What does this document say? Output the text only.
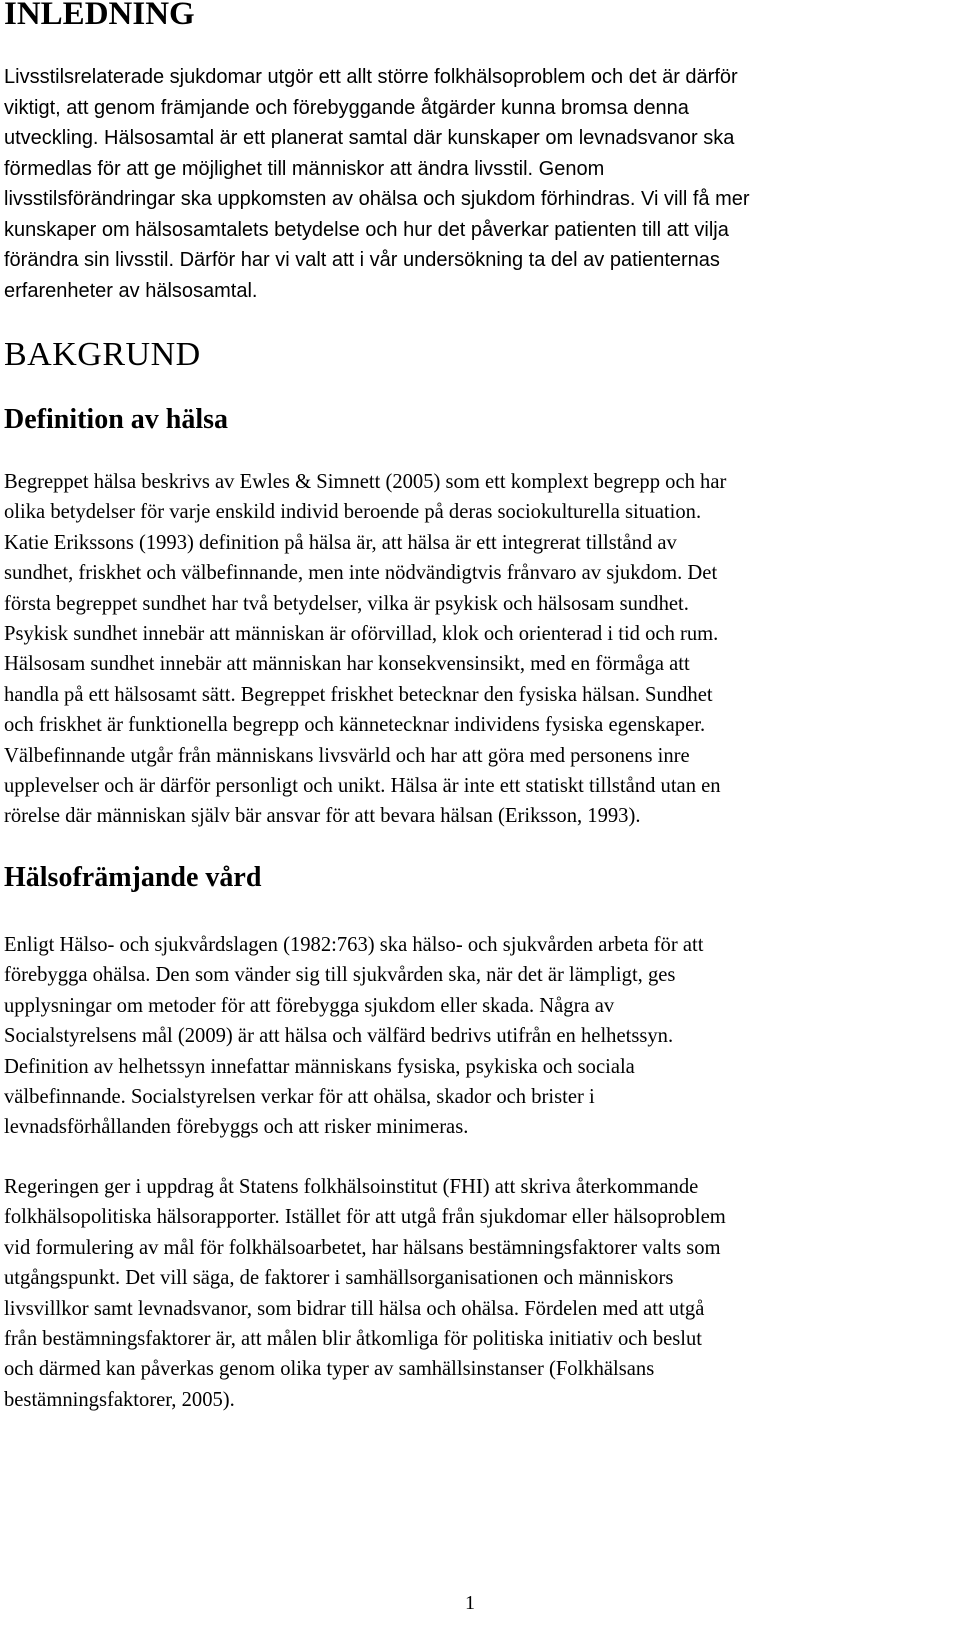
INLEDNING
Livsstilsrelaterade sjukdomar utgör ett allt större folkhälsoproblem och det är därför
viktigt, att genom främjande och förebyggande åtgärder kunna bromsa denna
utveckling. Hälsosamtal är ett planerat samtal där kunskaper om levnadsvanor ska
förmedlas för att ge möjlighet till människor att ändra livsstil. Genom
livsstilsförändringar ska uppkomsten av ohälsa och sjukdom förhindras. Vi vill få mer
kunskaper om hälsosamtalets betydelse och hur det påverkar patienten till att vilja
förändra sin livsstil. Därför har vi valt att i vår undersökning ta del av patienternas
erfarenheter av hälsosamtal.
BAKGRUND
Definition av hälsa
Begreppet hälsa beskrivs av Ewles & Simnett (2005) som ett komplext begrepp och har
olika betydelser för varje enskild individ beroende på deras sociokulturella situation.
Katie Erikssons (1993) definition på hälsa är, att hälsa är ett integrerat tillstånd av
sundhet, friskhet och välbefinnande, men inte nödvändigtvis frånvaro av sjukdom. Det
första begreppet sundhet har två betydelser, vilka är psykisk och hälsosam sundhet.
Psykisk sundhet innebär att människan är oförvillad, klok och orienterad i tid och rum.
Hälsosam sundhet innebär att människan har konsekvensinsikt, med en förmåga att
handla på ett hälsosamt sätt. Begreppet friskhet betecknar den fysiska hälsan. Sundhet
och friskhet är funktionella begrepp och kännetecknar individens fysiska egenskaper.
Välbefinnande utgår från människans livsvärld och har att göra med personens inre
upplevelser och är därför personligt och unikt. Hälsa är inte ett statiskt tillstånd utan en
rörelse där människan själv bär ansvar för att bevara hälsan (Eriksson, 1993).
Hälsofrämjande vård
Enligt Hälso- och sjukvårdslagen (1982:763) ska hälso- och sjukvården arbeta för att
förebygga ohälsa. Den som vänder sig till sjukvården ska, när det är lämpligt, ges
upplysningar om metoder för att förebygga sjukdom eller skada. Några av
Socialstyrelsens mål (2009) är att hälsa och välfärd bedrivs utifrån en helhetssyn.
Definition av helhetssyn innefattar människans fysiska, psykiska och sociala
välbefinnande. Socialstyrelsen verkar för att ohälsa, skador och brister i
levnadsförhållanden förebyggs och att risker minimeras.
Regeringen ger i uppdrag åt Statens folkhälsoinstitut (FHI) att skriva återkommande
folkhälsopolitiska hälsorapporter. Istället för att utgå från sjukdomar eller hälsoproblem
vid formulering av mål för folkhälsoarbetet, har hälsans bestämningsfaktorer valts som
utgångspunkt. Det vill säga, de faktorer i samhällsorganisationen och människors
livsvillkor samt levnadsvanor, som bidrar till hälsa och ohälsa. Fördelen med att utgå
från bestämningsfaktorer är, att målen blir åtkomliga för politiska initiativ och beslut
och därmed kan påverkas genom olika typer av samhällsinstanser (Folkhälsans
bestämningsfaktorer, 2005).
1
